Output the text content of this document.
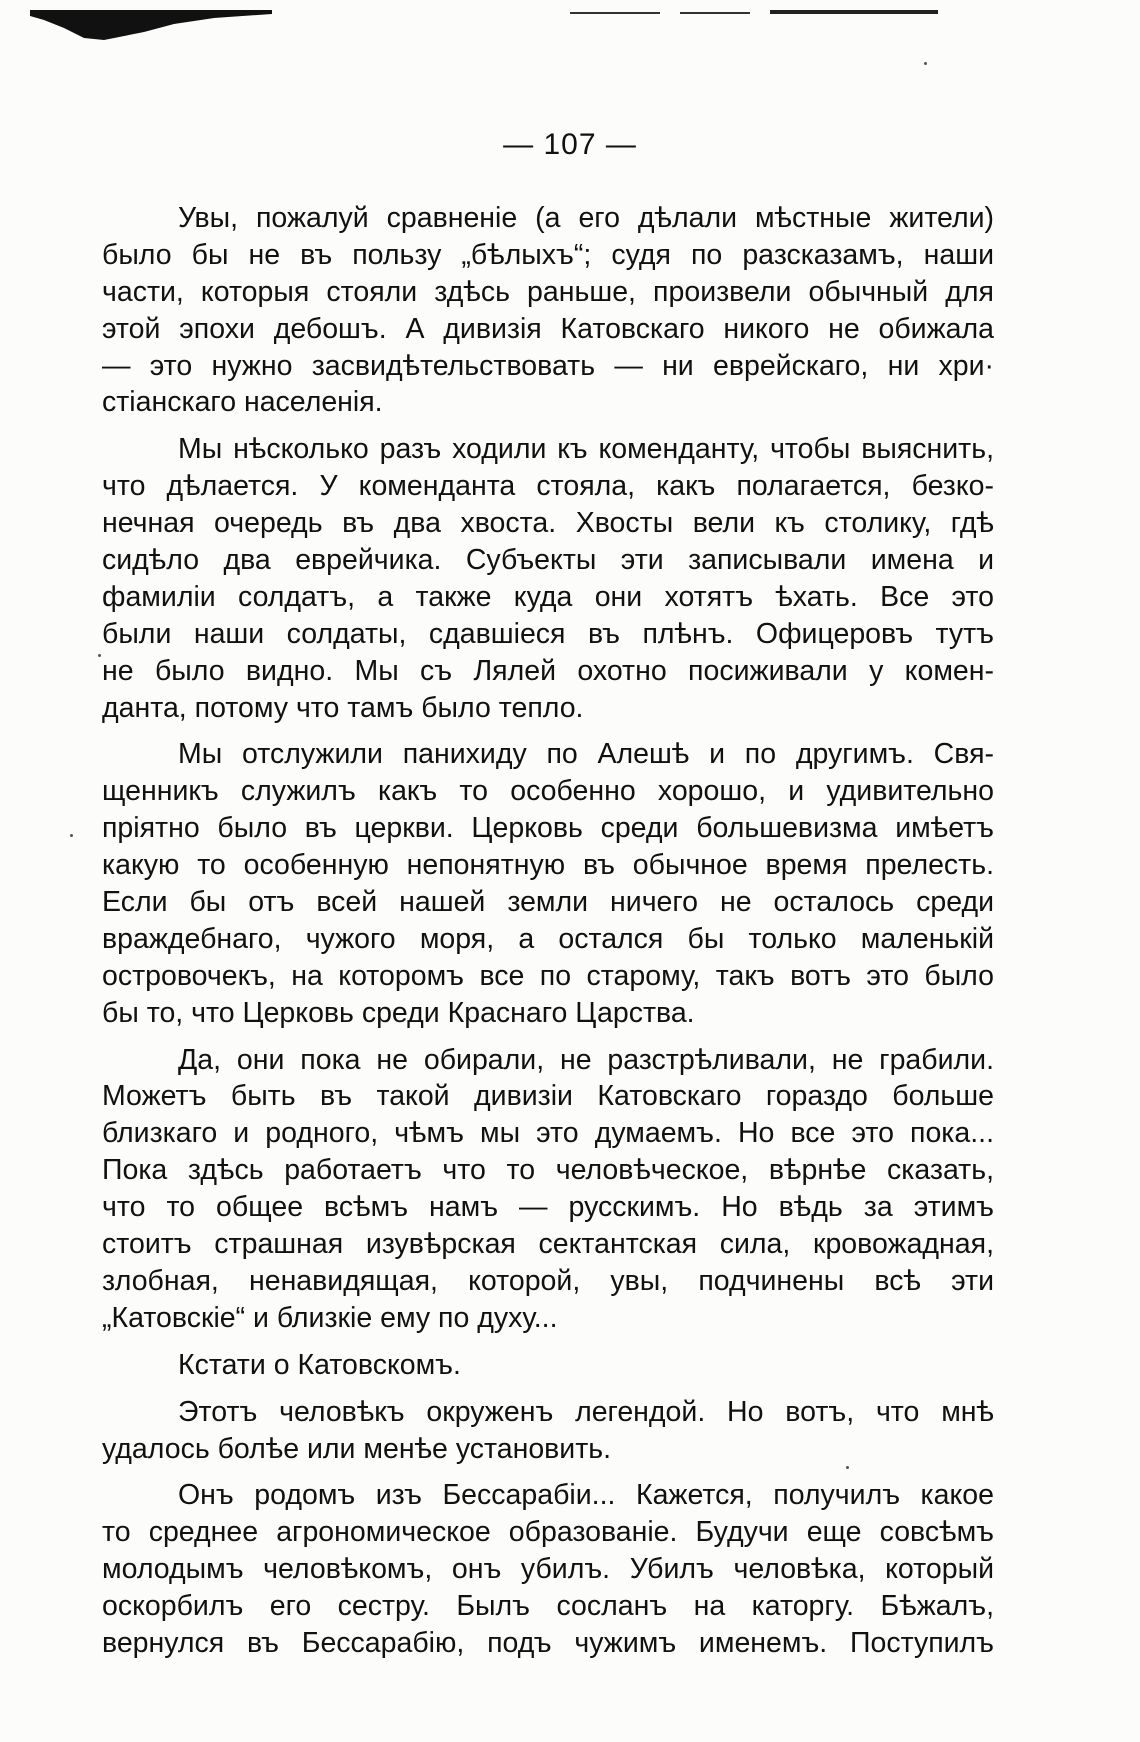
— 107 —
Увы, пожалуй сравненіе (а его дѣлали мѣстные жители)
было бы не въ пользу „бѣлыхъ“; судя по разсказамъ, наши
части, которыя стояли здѣсь раньше, произвели обычный для
этой эпохи дебошъ. А дивизія Катовскаго никого не обижала
— это нужно засвидѣтельствовать — ни еврейскаго, ни хри·
стіанскаго населенія.
Мы нѣсколько разъ ходили къ коменданту, чтобы выяснить,
что дѣлается. У коменданта стояла, какъ полагается, безко-
нечная очередь въ два хвоста. Хвосты вели къ столику, гдѣ
сидѣло два еврейчика. Субъекты эти записывали имена и
фамиліи солдатъ, а также куда они хотятъ ѣхать. Все это
были наши солдаты, сдавшіеся въ плѣнъ. Офицеровъ тутъ
не было видно. Мы съ Лялей охотно посиживали у комен-
данта, потому что тамъ было тепло.
Мы отслужили панихиду по Алешѣ и по другимъ. Свя-
щенникъ служилъ какъ то особенно хорошо, и удивительно
пріятно было въ церкви. Церковь среди большевизма имѣетъ
какую то особенную непонятную въ обычное время прелесть.
Если бы отъ всей нашей земли ничего не осталось среди
враждебнаго, чужого моря, а остался бы только маленькій
островочекъ, на которомъ все по старому, такъ вотъ это было
бы то, что Церковь среди Краснаго Царства.
Да, они пока не обирали, не разстрѣливали, не грабили.
Можетъ быть въ такой дивизіи Катовскаго гораздо больше
близкаго и родного, чѣмъ мы это думаемъ. Но все это пока...
Пока здѣсь работаетъ что то человѣческое, вѣрнѣе сказать,
что то общее всѣмъ намъ — русскимъ. Но вѣдь за этимъ
стоитъ страшная изувѣрская сектантская сила, кровожадная,
злобная, ненавидящая, которой, увы, подчинены всѣ эти
„Катовскіе“ и близкіе ему по духу...
Кстати о Катовскомъ.
Этотъ человѣкъ окруженъ легендой. Но вотъ, что мнѣ
удалось болѣе или менѣе установить.
Онъ родомъ изъ Бессарабіи... Кажется, получилъ какое
то среднее агрономическое образованіе. Будучи еще совсѣмъ
молодымъ человѣкомъ, онъ убилъ. Убилъ человѣка, который
оскорбилъ его сестру. Былъ сосланъ на каторгу. Бѣжалъ,
вернулся въ Бессарабію, подъ чужимъ именемъ. Поступилъ
